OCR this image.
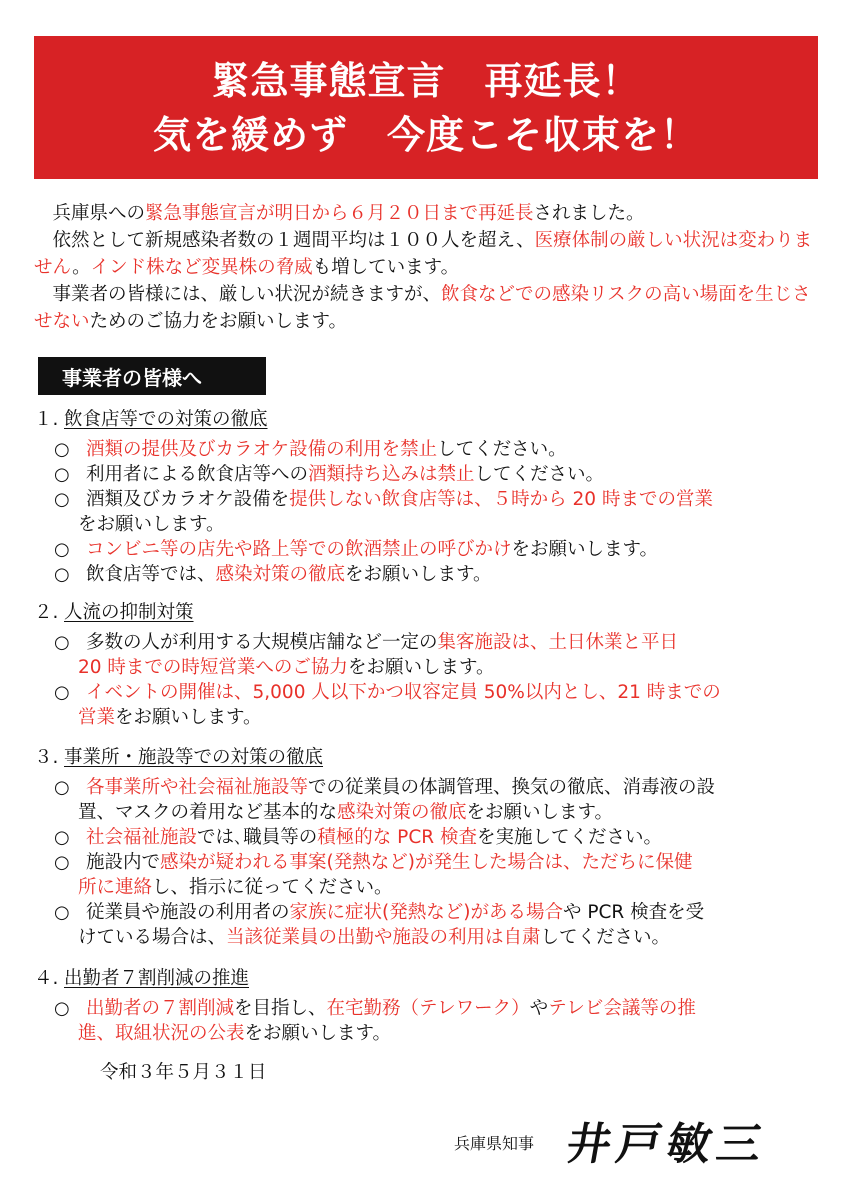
緊急事態宣言　再延長！
気を緩めず　今度こそ収束を！

兵庫県への緊急事態宣言が明日から６月２０日まで再延長されました。

依然として新規感染者数の１週間平均は１００人を超え、医療体制の厳しい状況は変わりません。インド株など変異株の脅威も増しています。

事業者の皆様には、厳しい状況が続きますが、飲食などでの感染リスクの高い場面を生じさせないためのご協力をお願いします。

事業者の皆様へ

１. 飲食店等での対策の徹底

○ 酒類の提供及びカラオケ設備の利用を禁止してください。
○ 利用者による飲食店等への酒類持ち込みは禁止してください。
○ 酒類及びカラオケ設備を提供しない飲食店等は、５時から 20 時までの営業
をお願いします。
○ コンビニ等の店先や路上等での飲酒禁止の呼びかけをお願いします。
○ 飲食店等では、感染対策の徹底をお願いします。

２. 人流の抑制対策

○ 多数の人が利用する大規模店舗など一定の集客施設は、土日休業と平日
20 時までの時短営業へのご協力をお願いします。
○ イベントの開催は、5,000 人以下かつ収容定員 50%以内とし、21 時までの
営業をお願いします。

３. 事業所・施設等での対策の徹底

○ 各事業所や社会福祉施設等での従業員の体調管理、換気の徹底、消毒液の設
置、マスクの着用など基本的な感染対策の徹底をお願いします。
○ 社会福祉施設では､職員等の積極的な PCR 検査を実施してください。
○ 施設内で感染が疑われる事案(発熱など)が発生した場合は、ただちに保健
所に連絡し、指示に従ってください。
○ 従業員や施設の利用者の家族に症状(発熱など)がある場合や PCR 検査を受
けている場合は、当該従業員の出勤や施設の利用は自粛してください。

４. 出勤者７割削減の推進

○ 出勤者の７割削減を目指し、在宅勤務（テレワーク）やテレビ会議等の推
進、取組状況の公表をお願いします。
令和３年５月３１日
兵庫県知事 井戸敏三
